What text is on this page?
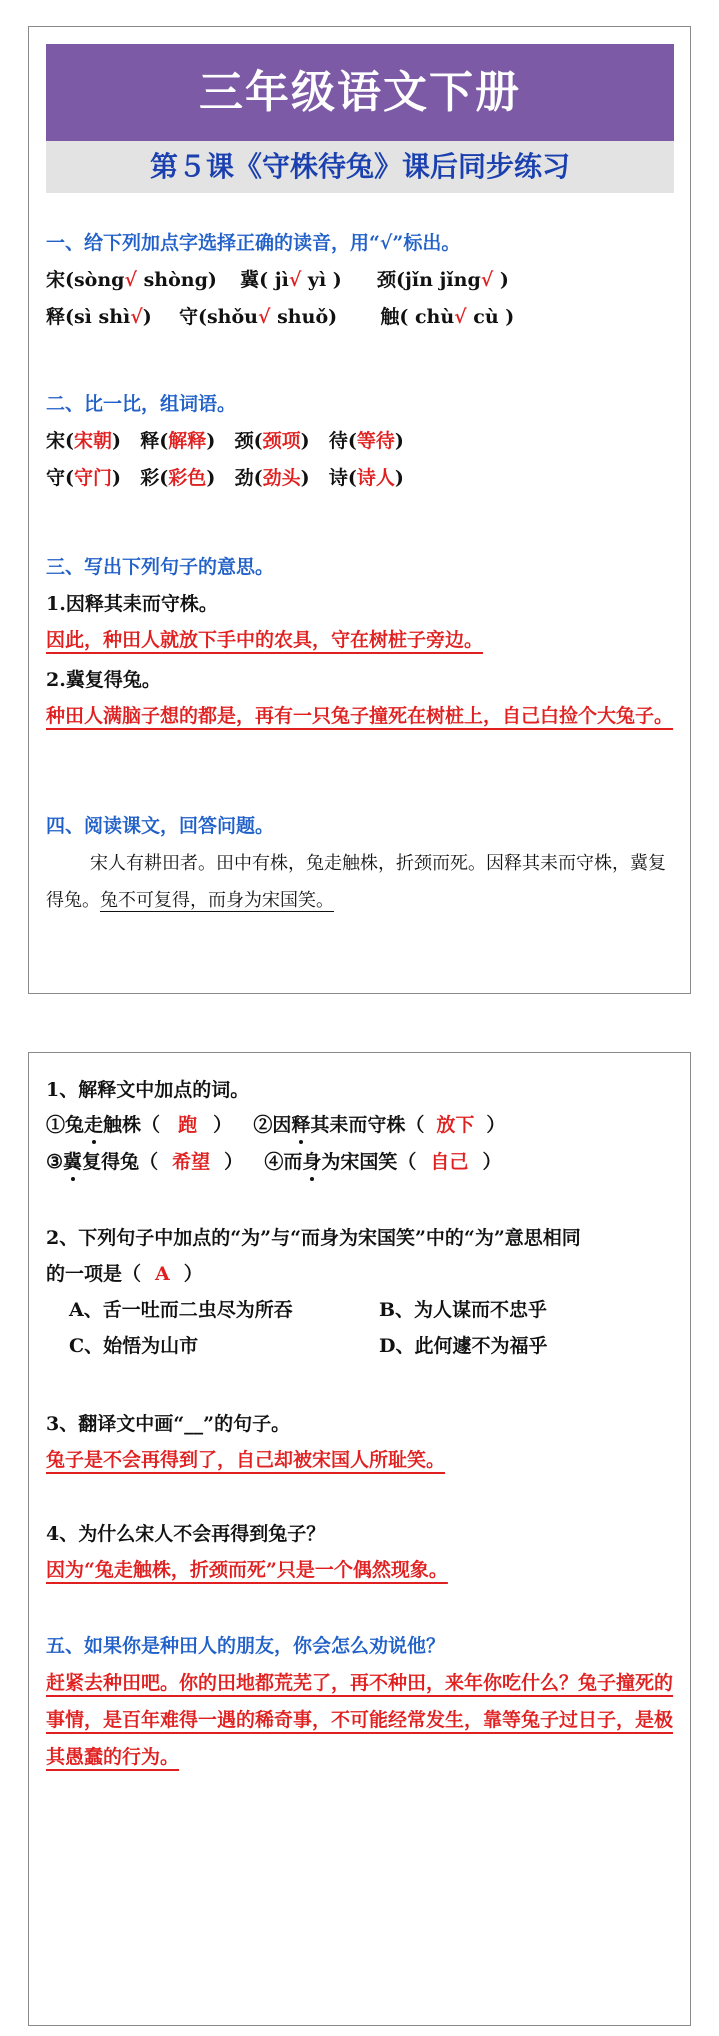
三年级语文下册
第５课《守株待兔》课后同步练习
一、给下列加点字选择正确的读音，用“√”标出。
宋(sòng√ shòng) 冀( jì√ yì ) 颈(jǐn jǐng√ )
释(sì shì√) 守(shǒu√ shuǒ) 触( chù√ cù )
二、比一比，组词语。
宋(宋朝) 释(解释) 颈(颈项) 待(等待)
守(守门) 彩(彩色) 劲(劲头) 诗(诗人)
三、写出下列句子的意思。
1.因释其耒而守株。
因此，种田人就放下手中的农具，守在树桩子旁边。
2.冀复得兔。
种田人满脑子想的都是，再有一只兔子撞死在树桩上，自己白捡个大兔子。
四、阅读课文，回答问题。
宋人有耕田者。田中有株，兔走触株，折颈而死。因释其耒而守株，冀复得兔。兔不可复得，而身为宋国笑。
1、解释文中加点的词。
①兔走触株（ 跑 ） ②因释其耒而守株（ 放下 ）
③冀复得兔（ 希望 ） ④而身为宋国笑（ 自己 ）
2、下列句子中加点的“为”与“而身为宋国笑”中的“为”意思相同
的一项是（ A ）
A、舌一吐而二虫尽为所吞	B、为人谋而不忠乎
C、始悟为山市	D、此何遽不为福乎
3、翻译文中画“__”的句子。
兔子是不会再得到了，自己却被宋国人所耻笑。
4、为什么宋人不会再得到兔子？
因为“兔走触株，折颈而死”只是一个偶然现象。
五、如果你是种田人的朋友，你会怎么劝说他？
赶紧去种田吧。你的田地都荒芜了，再不种田，来年你吃什么？兔子撞死的事情，是百年难得一遇的稀奇事，不可能经常发生，靠等兔子过日子，是极其愚蠢的行为。
